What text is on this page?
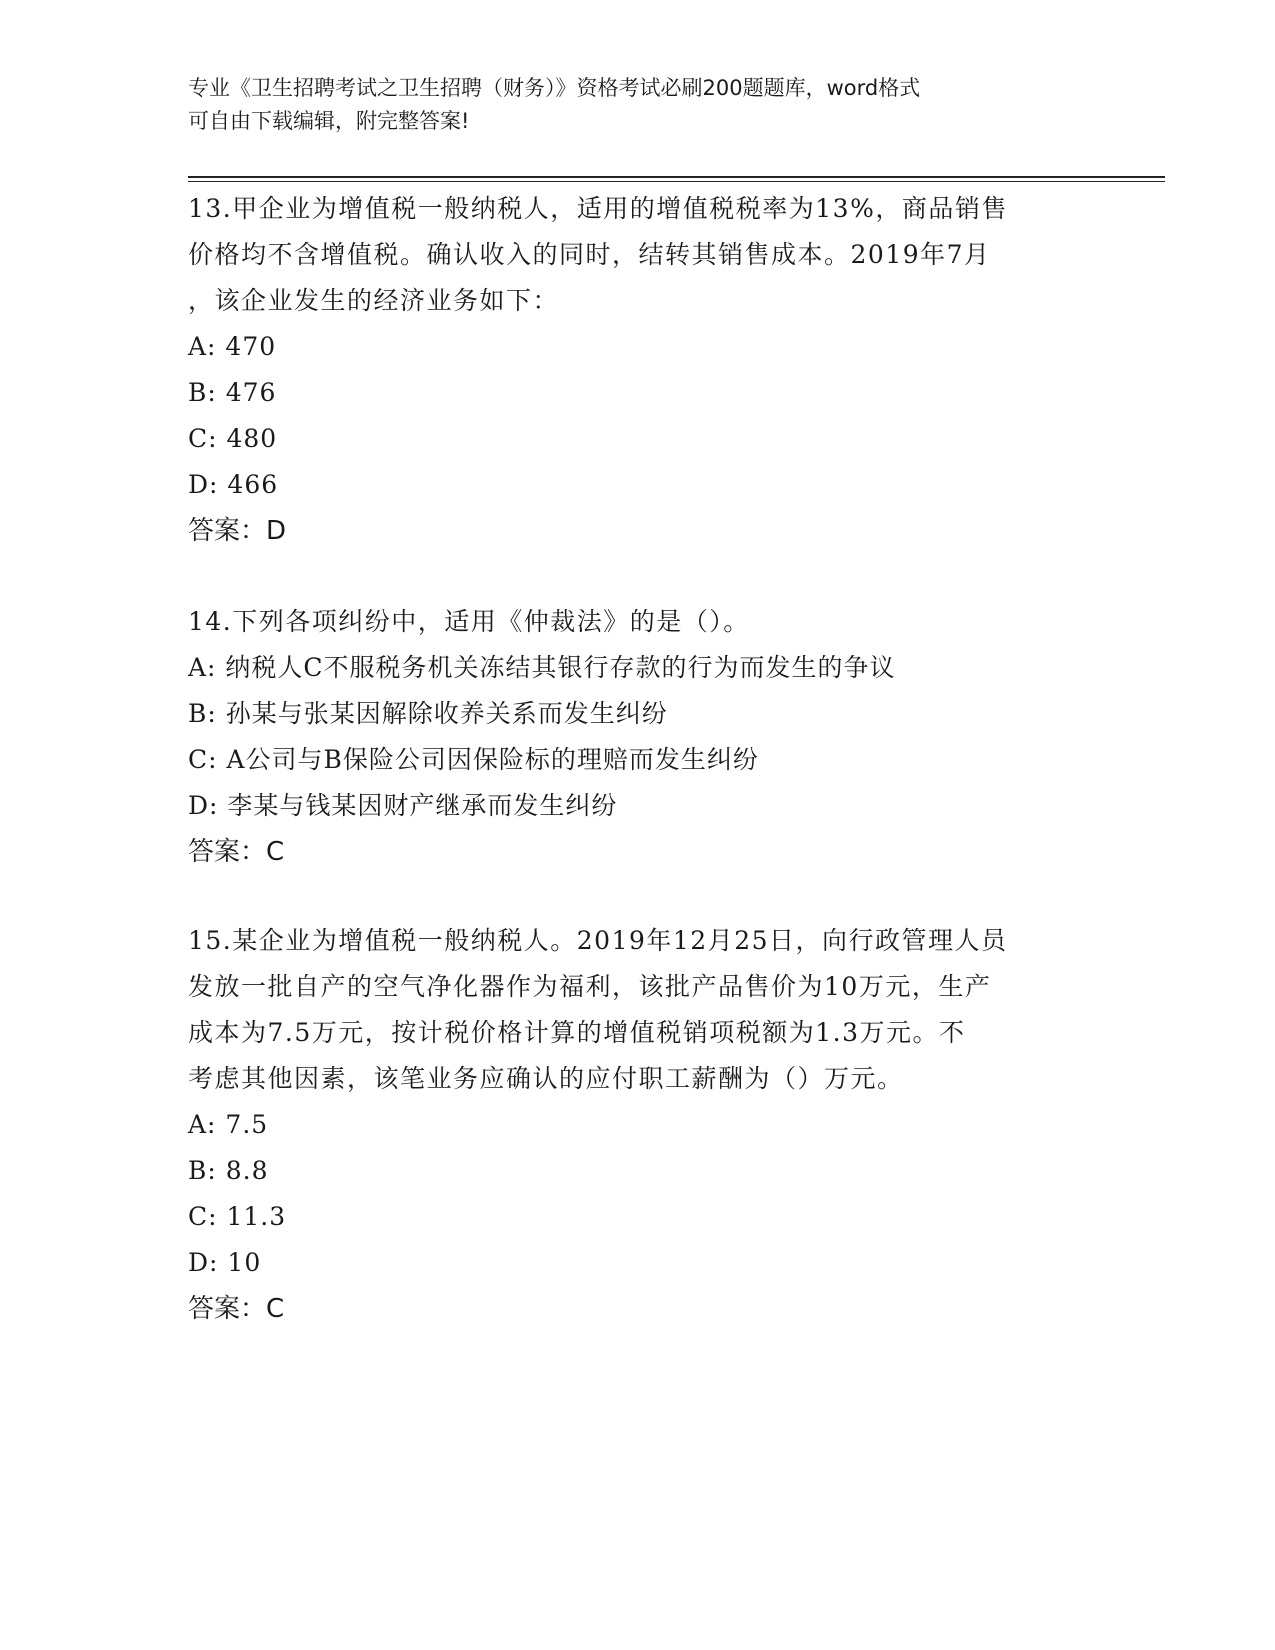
专业《卫生招聘考试之卫生招聘（财务）》资格考试必刷200题题库，word格式
可自由下载编辑，附完整答案!
13.甲企业为增值税一般纳税人，适用的增值税税率为13%，商品销售
价格均不含增值税。确认收入的同时，结转其销售成本。2019年7月
，该企业发生的经济业务如下：
A: 470
B: 476
C: 480
D: 466
答案：D
14.下列各项纠纷中，适用《仲裁法》的是（）。
A: 纳税人C不服税务机关冻结其银行存款的行为而发生的争议
B: 孙某与张某因解除收养关系而发生纠纷
C: A公司与B保险公司因保险标的理赔而发生纠纷
D: 李某与钱某因财产继承而发生纠纷
答案：C
15.某企业为增值税一般纳税人。2019年12月25日，向行政管理人员
发放一批自产的空气净化器作为福利，该批产品售价为10万元，生产
成本为7.5万元，按计税价格计算的增值税销项税额为1.3万元。不
考虑其他因素，该笔业务应确认的应付职工薪酬为（）万元。
A: 7.5
B: 8.8
C: 11.3
D: 10
答案：C
